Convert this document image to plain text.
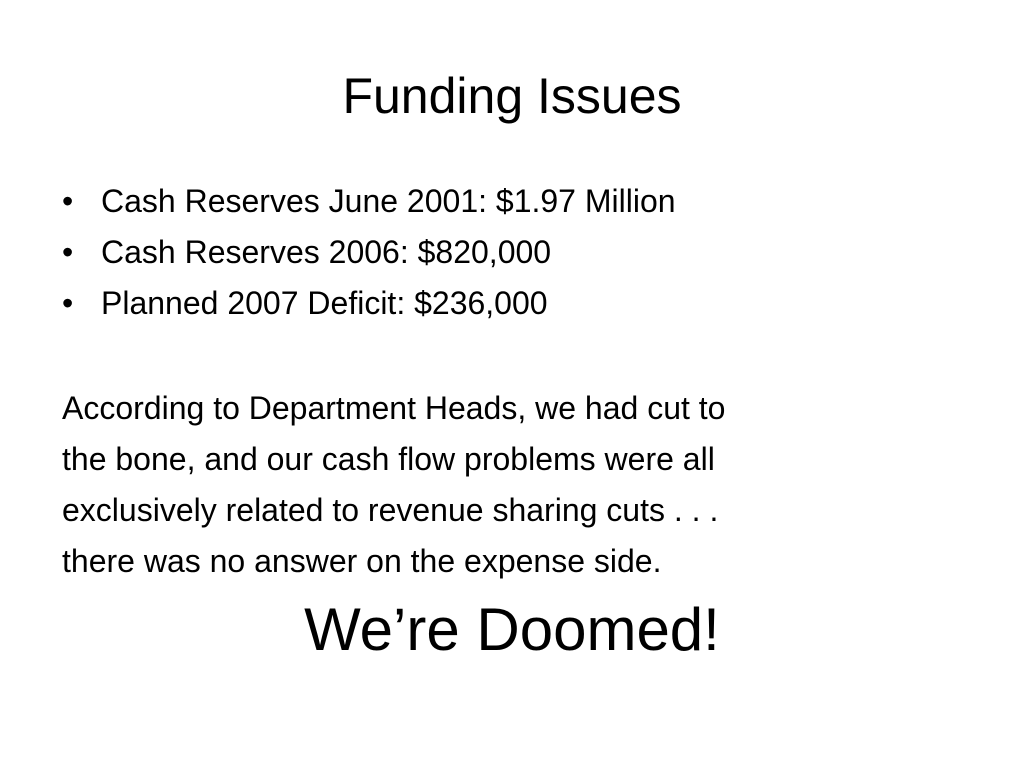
Funding Issues
• Cash Reserves June 2001: $1.97 Million
• Cash Reserves 2006: $820,000
• Planned 2007 Deficit: $236,000

According to Department Heads, we had cut to
the bone, and our cash flow problems were all
exclusively related to revenue sharing cuts . . .
there was no answer on the expense side.

We’re Doomed!
